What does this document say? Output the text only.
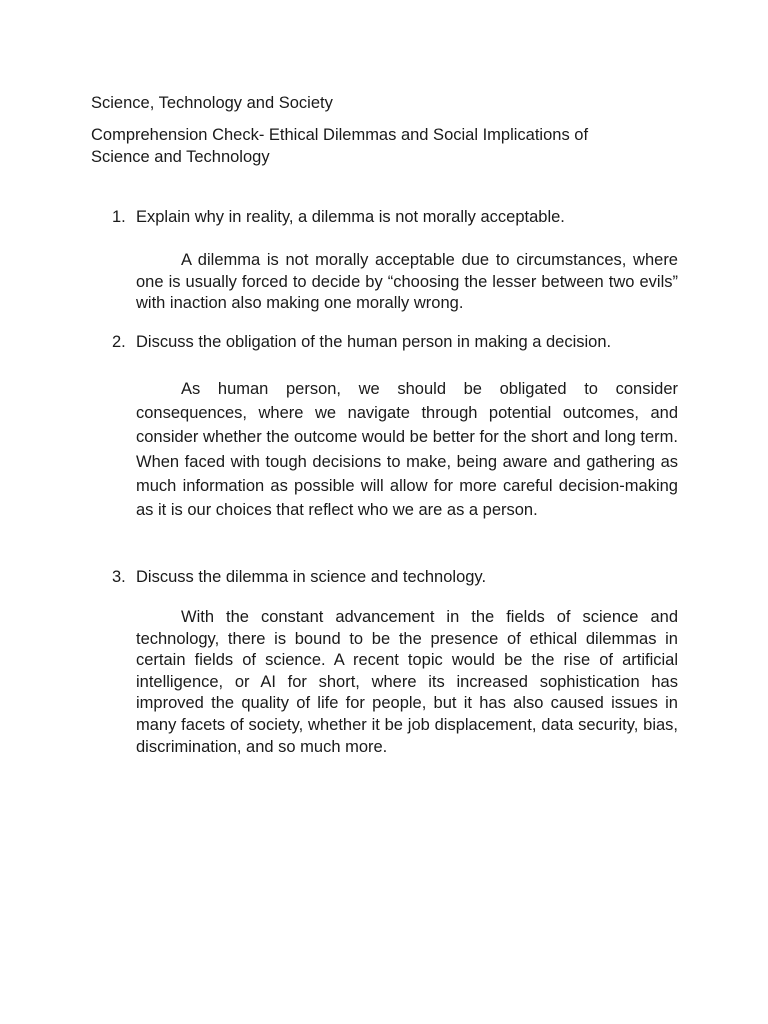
Science, Technology and Society
Comprehension Check- Ethical Dilemmas and Social Implications of Science and Technology
1. Explain why in reality, a dilemma is not morally acceptable.

A dilemma is not morally acceptable due to circumstances, where one is usually forced to decide by “choosing the lesser between two evils” with inaction also making one morally wrong.

2. Discuss the obligation of the human person in making a decision.

As human person, we should be obligated to consider consequences, where we navigate through potential outcomes, and consider whether the outcome would be better for the short and long term. When faced with tough decisions to make, being aware and gathering as much information as possible will allow for more careful decision-making as it is our choices that reflect who we are as a person.

3. Discuss the dilemma in science and technology.

With the constant advancement in the fields of science and technology, there is bound to be the presence of ethical dilemmas in certain fields of science. A recent topic would be the rise of artificial intelligence, or AI for short, where its increased sophistication has improved the quality of life for people, but it has also caused issues in many facets of society, whether it be job displacement, data security, bias, discrimination, and so much more.
